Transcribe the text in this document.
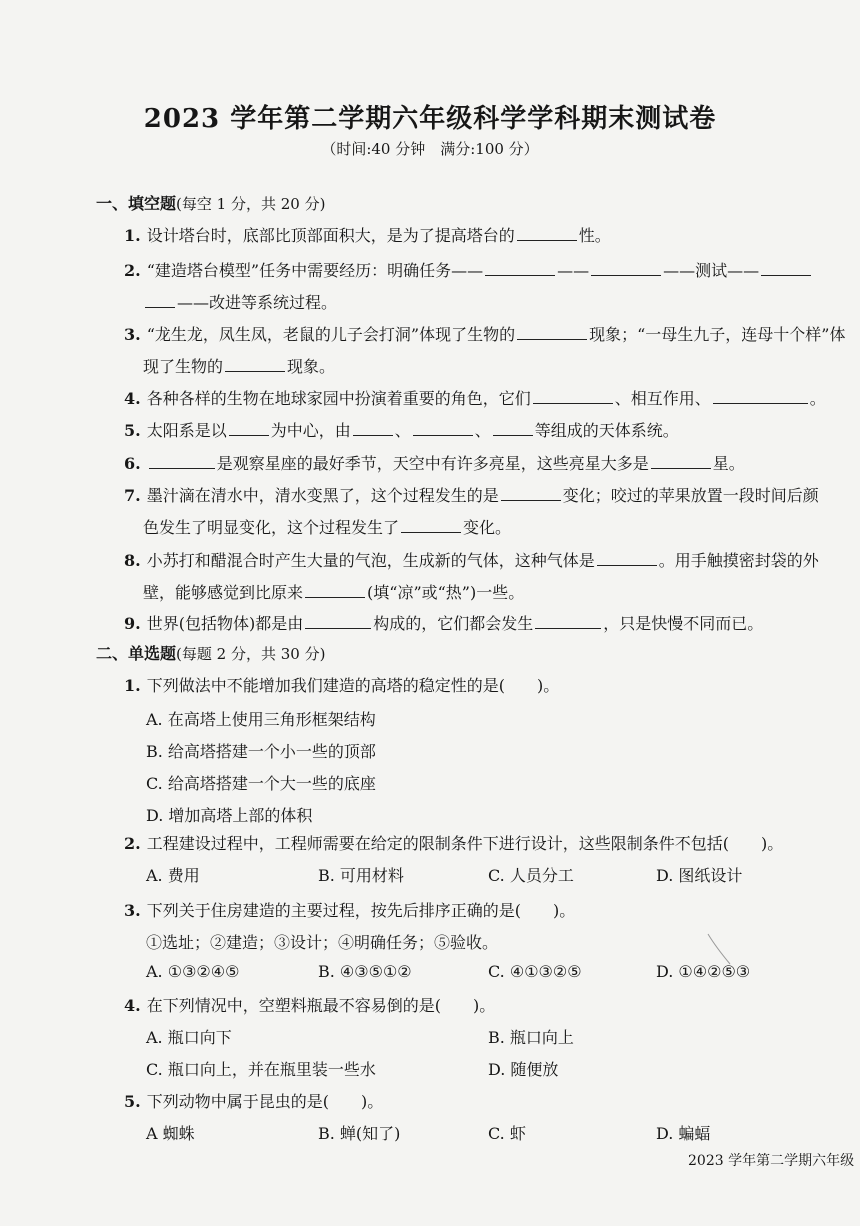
2023 学年第二学期六年级科学学科期末测试卷
（时间:40 分钟　满分:100 分）
一、填空题(每空 1 分，共 20 分)
1. 设计塔台时，底部比顶部面积大，是为了提高塔台的	性。
2. “建造塔台模型”任务中需要经历：明确任务——	——	——测试——
——改进等系统过程。
3. “龙生龙，凤生凤，老鼠的儿子会打洞”体现了生物的	现象；“一母生九子，连母十个样”体
现了生物的	现象。
4. 各种各样的生物在地球家园中扮演着重要的角色，它们	、相互作用、	。
5. 太阳系是以	为中心，由	、	、	等组成的天体系统。
6.	是观察星座的最好季节，天空中有许多亮星，这些亮星大多是	星。
7. 墨汁滴在清水中，清水变黑了，这个过程发生的是	变化；咬过的苹果放置一段时间后颜
色发生了明显变化，这个过程发生了	变化。
8. 小苏打和醋混合时产生大量的气泡，生成新的气体，这种气体是	。用手触摸密封袋的外
壁，能够感觉到比原来	(填“凉”或“热”)一些。
9. 世界(包括物体)都是由	构成的，它们都会发生	，只是快慢不同而已。
二、单选题(每题 2 分，共 30 分)
1. 下列做法中不能增加我们建造的高塔的稳定性的是(　　)。
A. 在高塔上使用三角形框架结构
B. 给高塔搭建一个小一些的顶部
C. 给高塔搭建一个大一些的底座
D. 增加高塔上部的体积
2. 工程建设过程中，工程师需要在给定的限制条件下进行设计，这些限制条件不包括(　　)。
A. 费用	B. 可用材料	C. 人员分工	D. 图纸设计
3. 下列关于住房建造的主要过程，按先后排序正确的是(　　)。
①选址；②建造；③设计；④明确任务；⑤验收。
A. ①③②④⑤	B. ④③⑤①②	C. ④①③②⑤	D. ①④②⑤③
4. 在下列情况中，空塑料瓶最不容易倒的是(　　)。
A. 瓶口向下	B. 瓶口向上
C. 瓶口向上，并在瓶里装一些水	D. 随便放
5. 下列动物中属于昆虫的是(　　)。
A 蜘蛛	B. 蝉(知了)	C. 虾	D. 蝙蝠
2023 学年第二学期六年级
